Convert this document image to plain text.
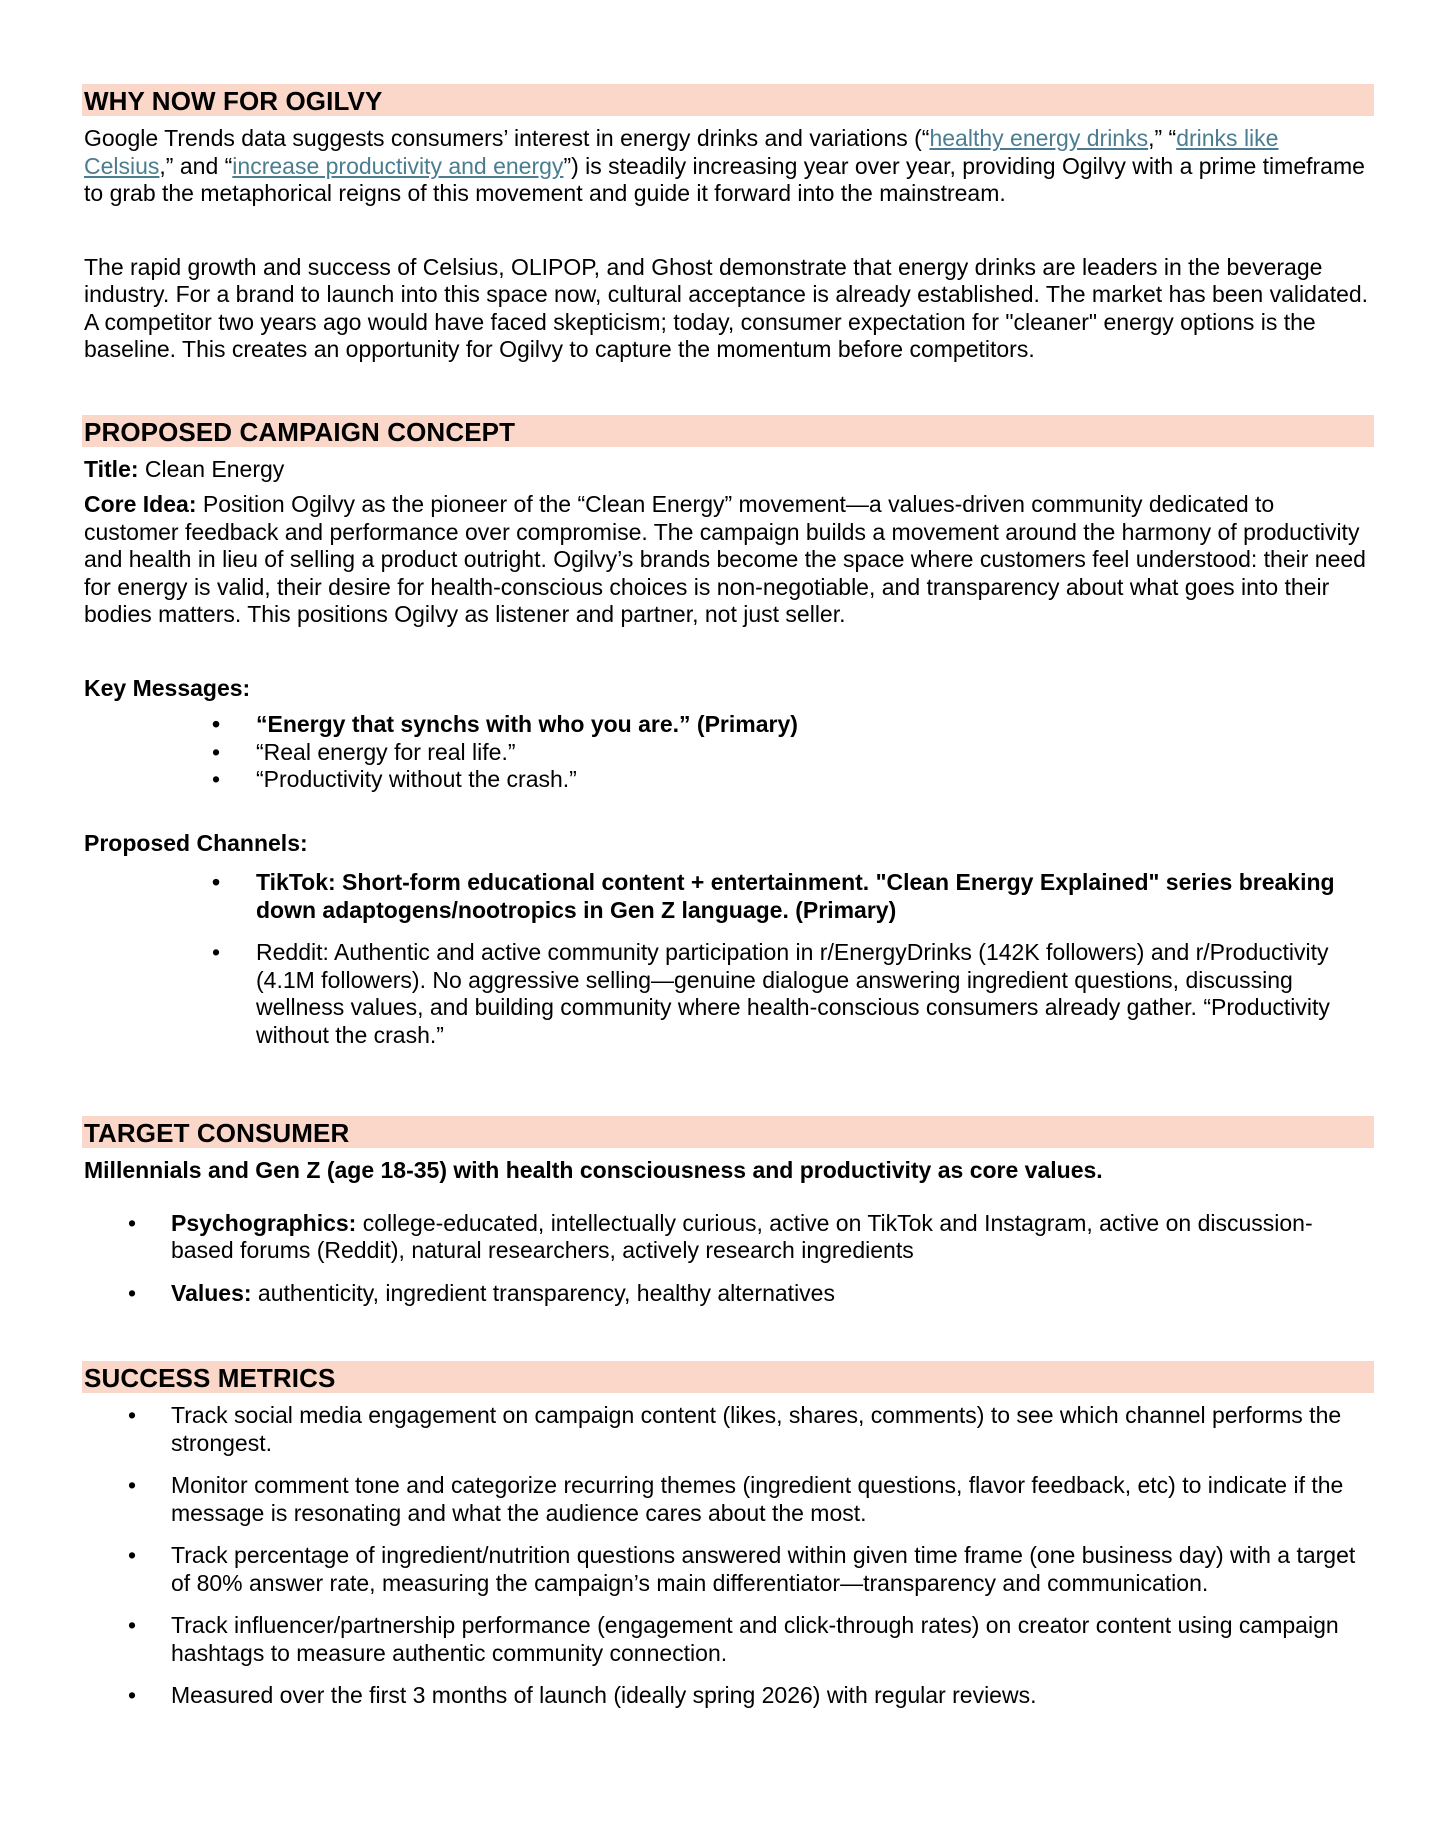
WHY NOW FOR OGILVY

Google Trends data suggests consumers’ interest in energy drinks and variations (“healthy energy drinks,” “drinks like Celsius,” and “increase productivity and energy”) is steadily increasing year over year, providing Ogilvy with a prime timeframe to grab the metaphorical reigns of this movement and guide it forward into the mainstream.

The rapid growth and success of Celsius, OLIPOP, and Ghost demonstrate that energy drinks are leaders in the beverage industry. For a brand to launch into this space now, cultural acceptance is already established. The market has been validated. A competitor two years ago would have faced skepticism; today, consumer expectation for "cleaner" energy options is the baseline. This creates an opportunity for Ogilvy to capture the momentum before competitors.

PROPOSED CAMPAIGN CONCEPT

Title: Clean Energy

Core Idea: Position Ogilvy as the pioneer of the “Clean Energy” movement—a values-driven community dedicated to customer feedback and performance over compromise. The campaign builds a movement around the harmony of productivity and health in lieu of selling a product outright. Ogilvy’s brands become the space where customers feel understood: their need for energy is valid, their desire for health-conscious choices is non-negotiable, and transparency about what goes into their bodies matters. This positions Ogilvy as listener and partner, not just seller.

Key Messages:

• “Energy that synchs with who you are.” (Primary)
• “Real energy for real life.”
• “Productivity without the crash.”

Proposed Channels:

• TikTok: Short-form educational content + entertainment. "Clean Energy Explained" series breaking down adaptogens/nootropics in Gen Z language. (Primary)
• Reddit: Authentic and active community participation in r/EnergyDrinks (142K followers) and r/Productivity (4.1M followers). No aggressive selling—genuine dialogue answering ingredient questions, discussing wellness values, and building community where health-conscious consumers already gather. “Productivity without the crash.”
TARGET CONSUMER

Millennials and Gen Z (age 18-35) with health consciousness and productivity as core values.

• Psychographics: college-educated, intellectually curious, active on TikTok and Instagram, active on discussion-based forums (Reddit), natural researchers, actively research ingredients
• Values: authenticity, ingredient transparency, healthy alternatives
SUCCESS METRICS
• Track social media engagement on campaign content (likes, shares, comments) to see which channel performs the strongest.
• Monitor comment tone and categorize recurring themes (ingredient questions, flavor feedback, etc) to indicate if the message is resonating and what the audience cares about the most.
• Track percentage of ingredient/nutrition questions answered within given time frame (one business day) with a target of 80% answer rate, measuring the campaign’s main differentiator—transparency and communication.
• Track influencer/partnership performance (engagement and click-through rates) on creator content using campaign hashtags to measure authentic community connection.
• Measured over the first 3 months of launch (ideally spring 2026) with regular reviews.
